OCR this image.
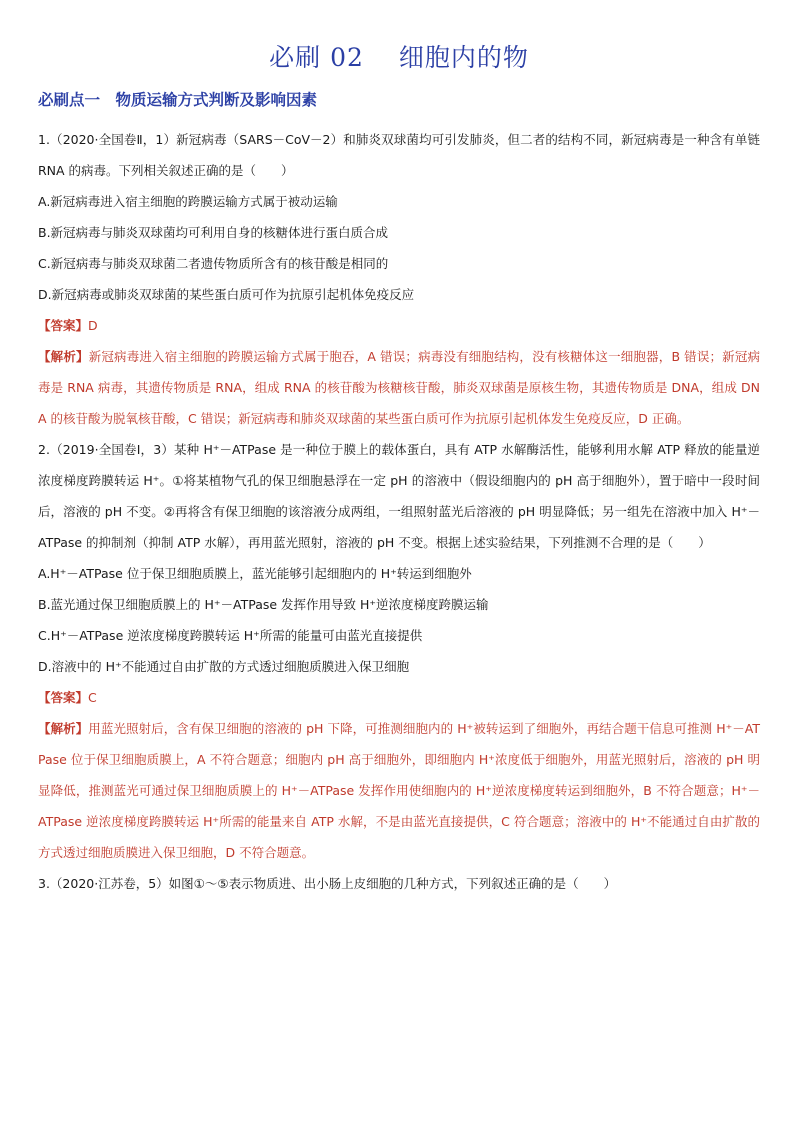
必刷 02　 细胞内的物
必刷点一　物质运输方式判断及影响因素

1.（2020·全国卷Ⅱ，1）新冠病毒（SARS－CoV－2）和肺炎双球菌均可引发肺炎，但二者的结构不同，新冠病毒是一种含有单链 RNA 的病毒。下列相关叙述正确的是（　　）

A.新冠病毒进入宿主细胞的跨膜运输方式属于被动运输

B.新冠病毒与肺炎双球菌均可利用自身的核糖体进行蛋白质合成

C.新冠病毒与肺炎双球菌二者遗传物质所含有的核苷酸是相同的

D.新冠病毒或肺炎双球菌的某些蛋白质可作为抗原引起机体免疫反应

【答案】D

【解析】新冠病毒进入宿主细胞的跨膜运输方式属于胞吞，A 错误；病毒没有细胞结构，没有核糖体这一细胞器，B 错误；新冠病毒是 RNA 病毒，其遗传物质是 RNA，组成 RNA 的核苷酸为核糖核苷酸，肺炎双球菌是原核生物，其遗传物质是 DNA，组成 DNA 的核苷酸为脱氧核苷酸，C 错误；新冠病毒和肺炎双球菌的某些蛋白质可作为抗原引起机体发生免疫反应，D 正确。

2.（2019·全国卷Ⅰ，3）某种 H⁺－ATPase 是一种位于膜上的载体蛋白，具有 ATP 水解酶活性，能够利用水解 ATP 释放的能量逆浓度梯度跨膜转运 H⁺。①将某植物气孔的保卫细胞悬浮在一定 pH 的溶液中（假设细胞内的 pH 高于细胞外），置于暗中一段时间后，溶液的 pH 不变。②再将含有保卫细胞的该溶液分成两组，一组照射蓝光后溶液的 pH 明显降低；另一组先在溶液中加入 H⁺－ATPase 的抑制剂（抑制 ATP 水解），再用蓝光照射，溶液的 pH 不变。根据上述实验结果，下列推测不合理的是（　　）

A.H⁺－ATPase 位于保卫细胞质膜上，蓝光能够引起细胞内的 H⁺转运到细胞外

B.蓝光通过保卫细胞质膜上的 H⁺－ATPase 发挥作用导致 H⁺逆浓度梯度跨膜运输

C.H⁺－ATPase 逆浓度梯度跨膜转运 H⁺所需的能量可由蓝光直接提供

D.溶液中的 H⁺不能通过自由扩散的方式透过细胞质膜进入保卫细胞

【答案】C

【解析】用蓝光照射后，含有保卫细胞的溶液的 pH 下降，可推测细胞内的 H⁺被转运到了细胞外，再结合题干信息可推测 H⁺－ATPase 位于保卫细胞质膜上，A 不符合题意；细胞内 pH 高于细胞外，即细胞内 H⁺浓度低于细胞外，用蓝光照射后，溶液的 pH 明显降低，推测蓝光可通过保卫细胞质膜上的 H⁺－ATPase 发挥作用使细胞内的 H⁺逆浓度梯度转运到细胞外，B 不符合题意；H⁺－ATPase 逆浓度梯度跨膜转运 H⁺所需的能量来自 ATP 水解，不是由蓝光直接提供，C 符合题意；溶液中的 H⁺不能通过自由扩散的方式透过细胞质膜进入保卫细胞，D 不符合题意。

3.（2020·江苏卷，5）如图①～⑤表示物质进、出小肠上皮细胞的几种方式，下列叙述正确的是（　　）
